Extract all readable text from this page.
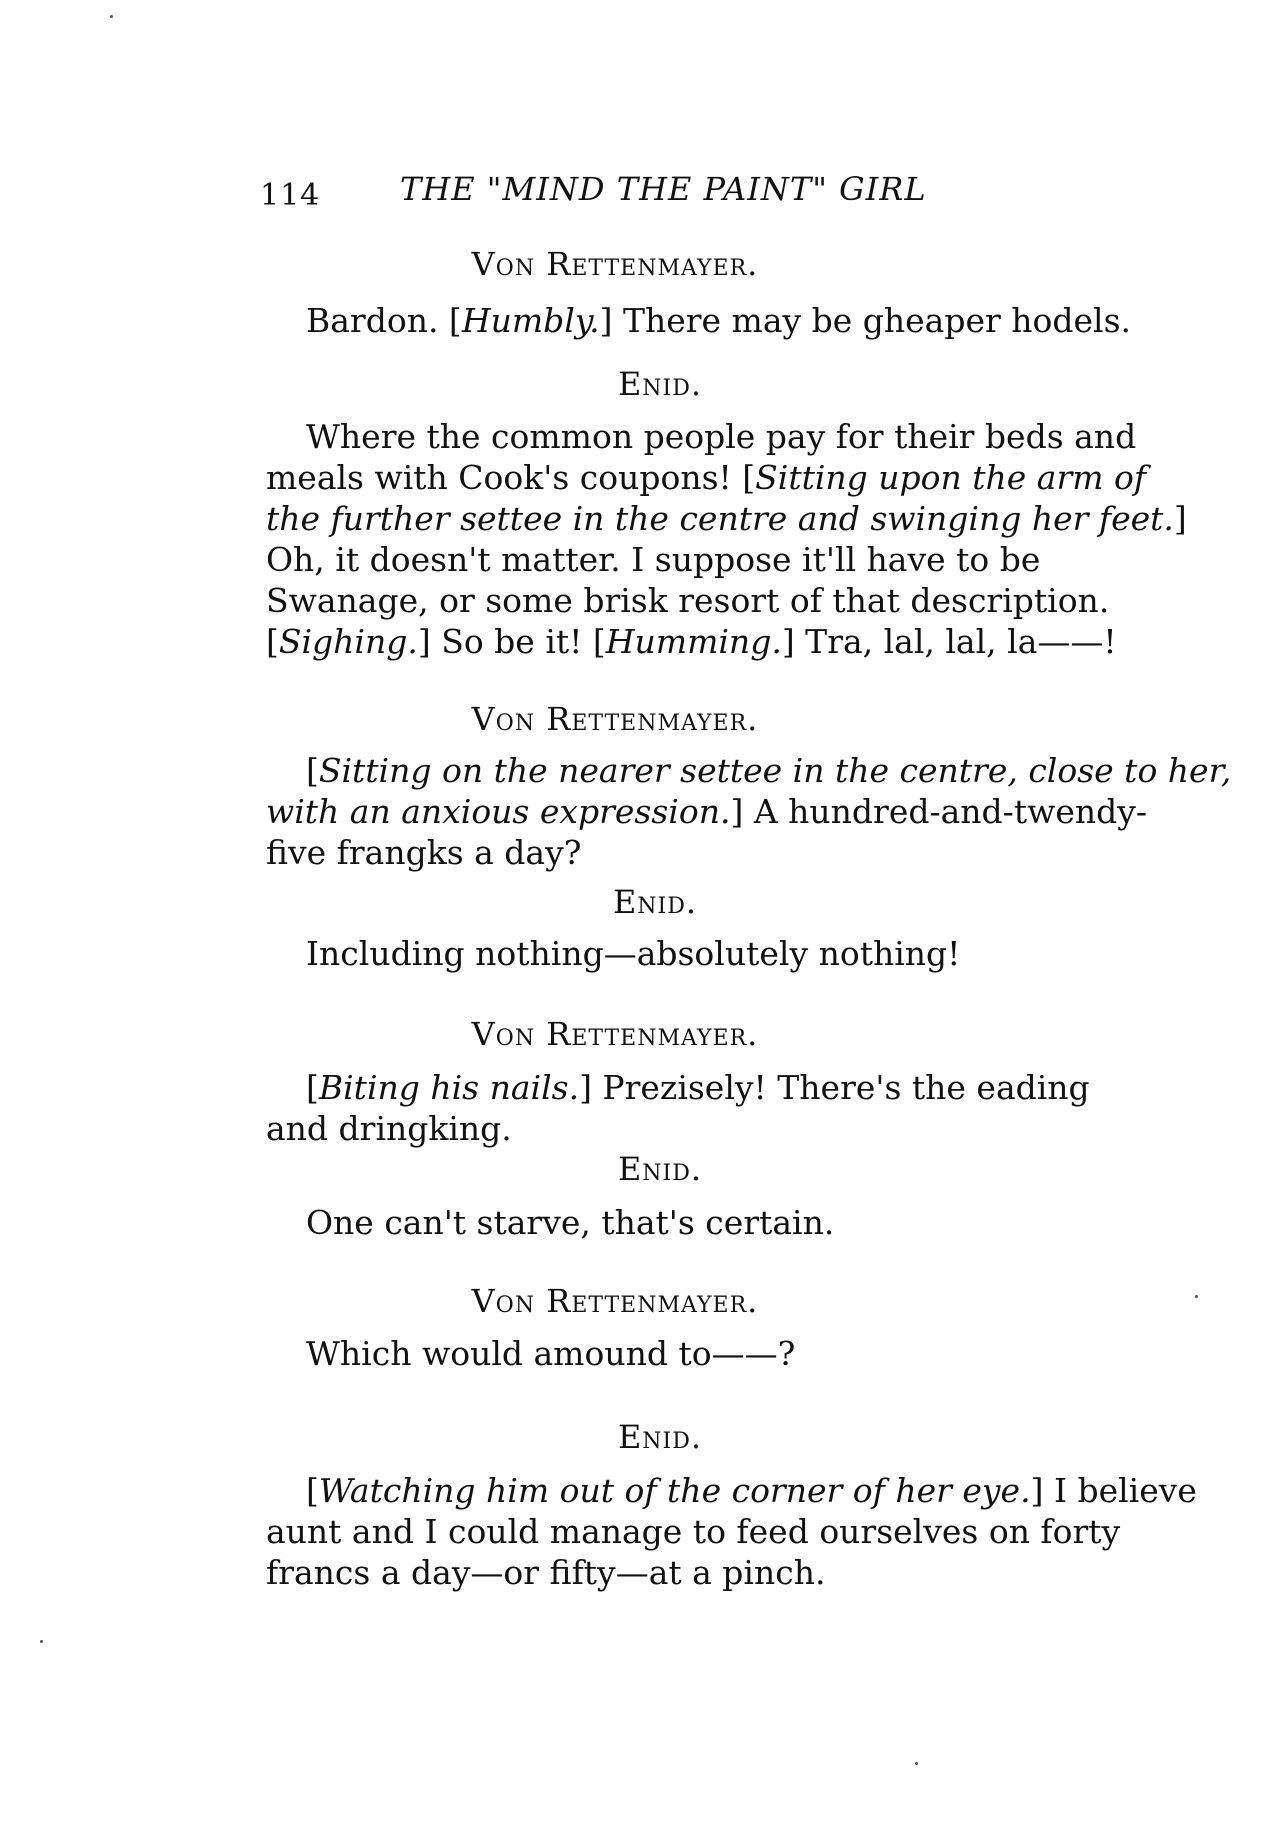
114 THE "MIND THE PAINT" GIRL
Von Rettenmayer.
Bardon. [Humbly.] There may be gheaper hodels.
Enid.
Where the common people pay for their beds and
meals with Cook's coupons! [Sitting upon the arm of
the further settee in the centre and swinging her feet.]
Oh, it doesn't matter. I suppose it'll have to be
Swanage, or some brisk resort of that description.
[Sighing.] So be it! [Humming.] Tra, lal, lal, la——!
Von Rettenmayer.
[Sitting on the nearer settee in the centre, close to her,
with an anxious expression.] A hundred-and-twendy-
five frangks a day?
Enid.
Including nothing—absolutely nothing!
Von Rettenmayer.
[Biting his nails.] Prezisely! There's the eading
and dringking.
Enid.
One can't starve, that's certain.
Von Rettenmayer.
Which would amound to——?
Enid.
[Watching him out of the corner of her eye.] I believe
aunt and I could manage to feed ourselves on forty
francs a day—or fifty—at a pinch.
